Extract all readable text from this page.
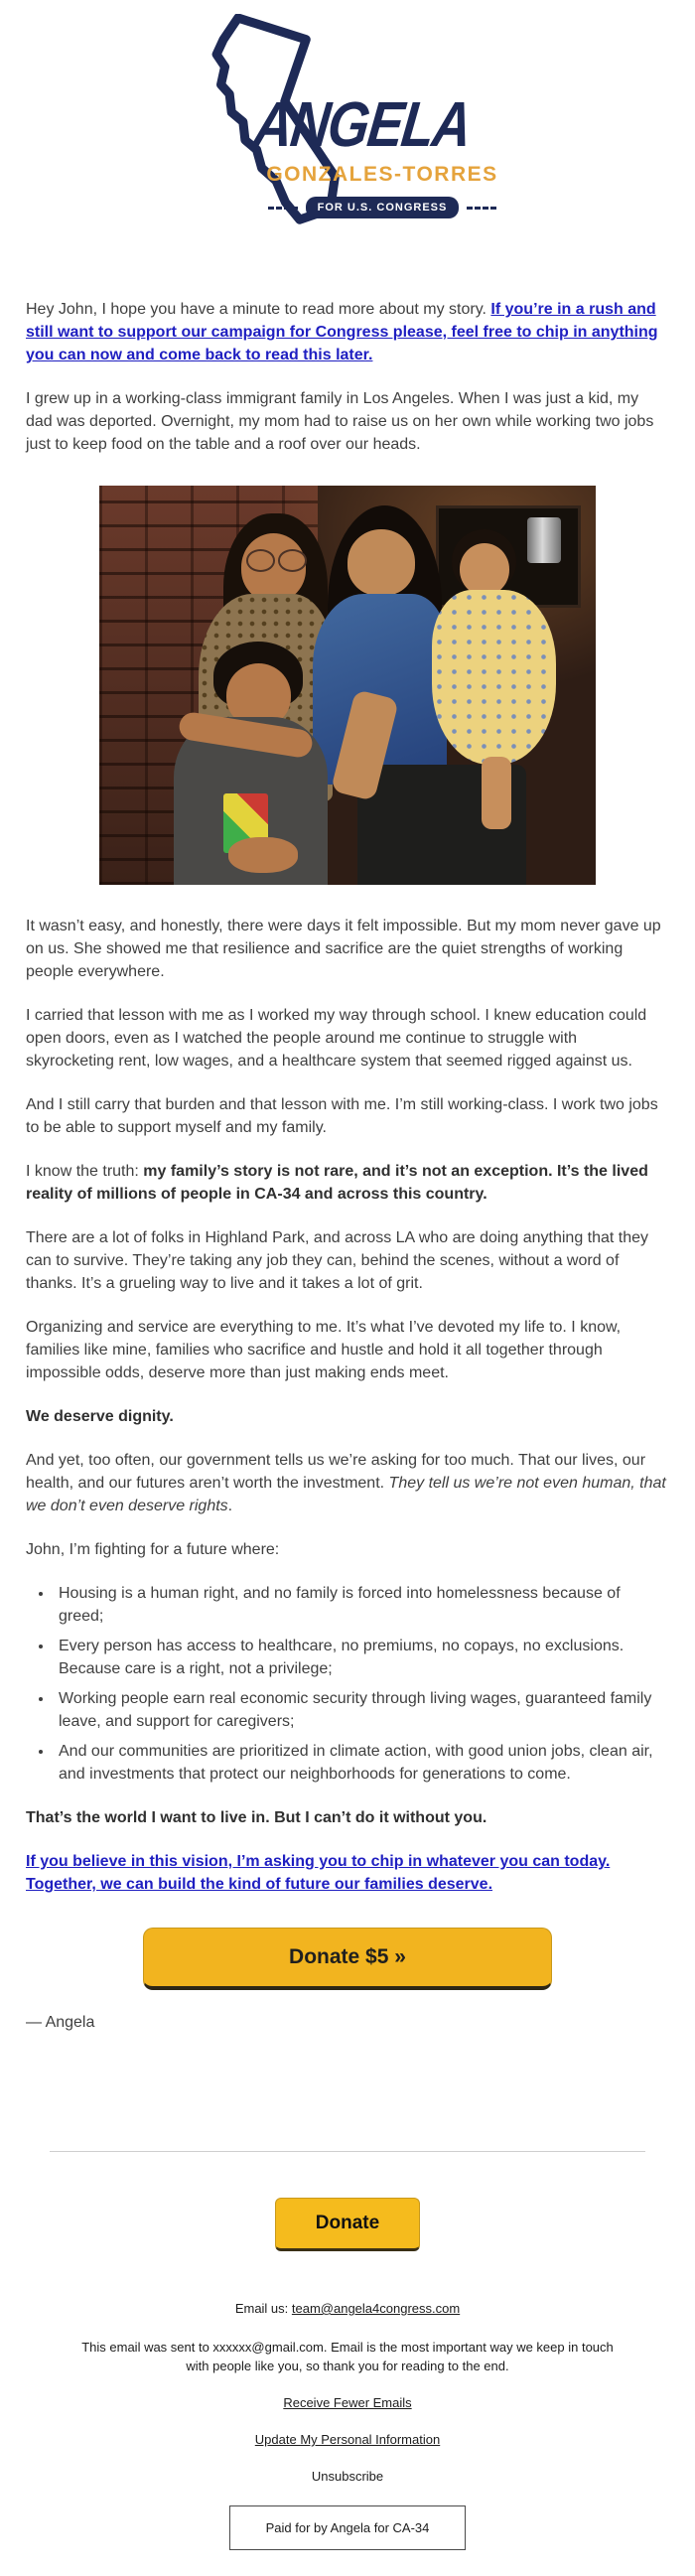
ANGELA
GONZALES-TORRES
FOR U.S. CONGRESS

Hey John, I hope you have a minute to read more about my story. If you’re in a rush and still want to support our campaign for Congress please, feel free to chip in anything you can now and come back to read this later.

I grew up in a working-class immigrant family in Los Angeles. When I was just a kid, my dad was deported. Overnight, my mom had to raise us on her own while working two jobs just to keep food on the table and a roof over our heads.

It wasn’t easy, and honestly, there were days it felt impossible. But my mom never gave up on us. She showed me that resilience and sacrifice are the quiet strengths of working people everywhere.

I carried that lesson with me as I worked my way through school. I knew education could open doors, even as I watched the people around me continue to struggle with skyrocketing rent, low wages, and a healthcare system that seemed rigged against us.

And I still carry that burden and that lesson with me. I’m still working-class. I work two jobs to be able to support myself and my family.

I know the truth: my family’s story is not rare, and it’s not an exception. It’s the lived reality of millions of people in CA-34 and across this country.

There are a lot of folks in Highland Park, and across LA who are doing anything that they can to survive. They’re taking any job they can, behind the scenes, without a word of thanks. It’s a grueling way to live and it takes a lot of grit.

Organizing and service are everything to me. It’s what I’ve devoted my life to. I know, families like mine, families who sacrifice and hustle and hold it all together through impossible odds, deserve more than just making ends meet.

We deserve dignity.

And yet, too often, our government tells us we’re asking for too much. That our lives, our health, and our futures aren’t worth the investment. They tell us we’re not even human, that we don’t even deserve rights.

John, I’m fighting for a future where:

• Housing is a human right, and no family is forced into homelessness because of greed;
• Every person has access to healthcare, no premiums, no copays, no exclusions. Because care is a right, not a privilege;
• Working people earn real economic security through living wages, guaranteed family leave, and support for caregivers;
• And our communities are prioritized in climate action, with good union jobs, clean air, and investments that protect our neighborhoods for generations to come.

That’s the world I want to live in. But I can’t do it without you.

If you believe in this vision, I’m asking you to chip in whatever you can today. Together, we can build the kind of future our families deserve.

Donate $5 »

— Angela

Donate
Email us: team@angela4congress.com
This email was sent to xxxxxx@gmail.com. Email is the most important way we keep in touch with people like you, so thank you for reading to the end.
Receive Fewer Emails
Update My Personal Information
Unsubscribe
Paid for by Angela for CA-34
